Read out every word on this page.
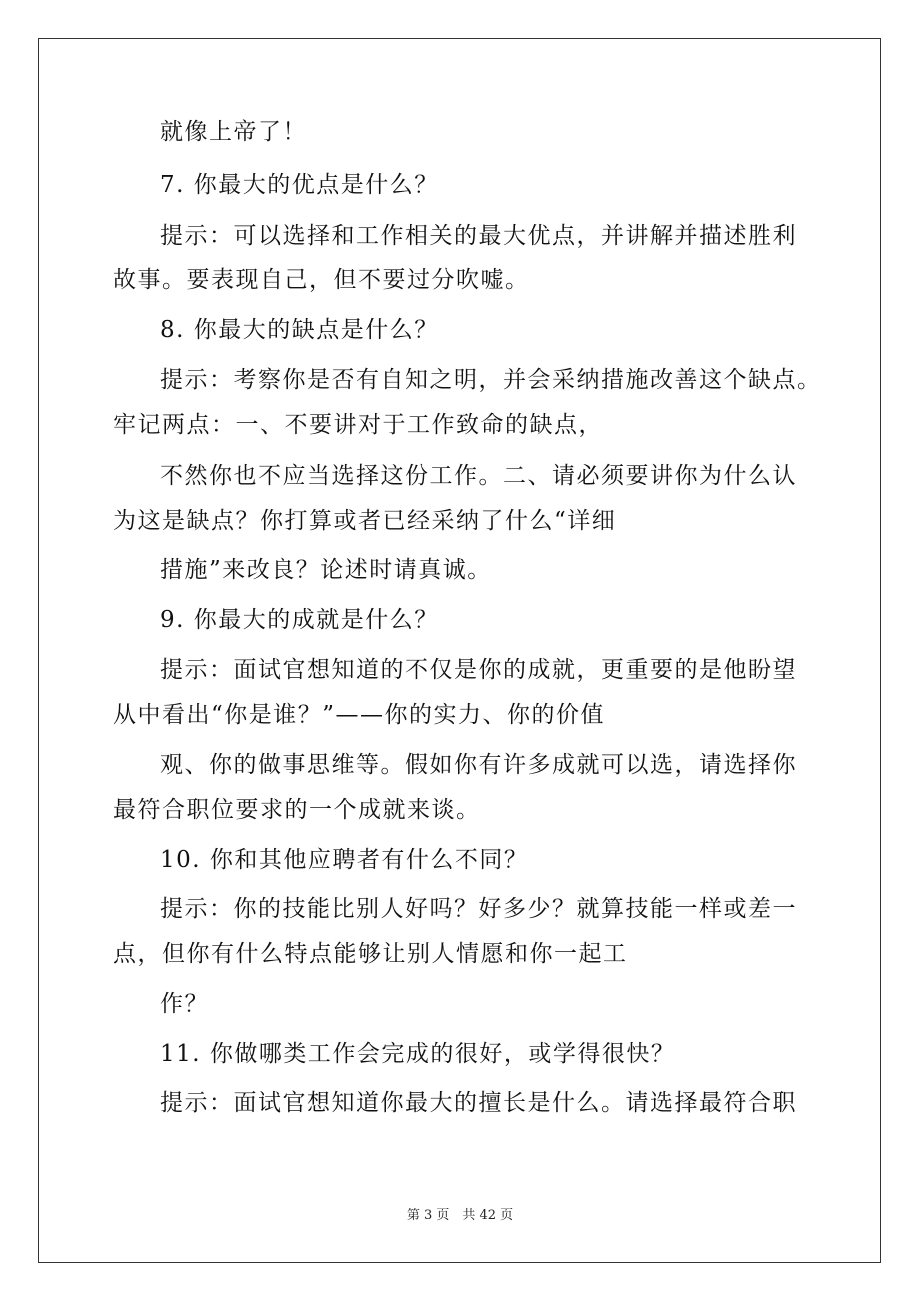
就像上帝了！
7. 你最大的优点是什么？
提示：可以选择和工作相关的最大优点，并讲解并描述胜利
故事。要表现自己，但不要过分吹嘘。
8. 你最大的缺点是什么？
提示：考察你是否有自知之明，并会采纳措施改善这个缺点。
牢记两点：一、不要讲对于工作致命的缺点，
不然你也不应当选择这份工作。二、请必须要讲你为什么认
为这是缺点？你打算或者已经采纳了什么“详细
措施”来改良？论述时请真诚。
9. 你最大的成就是什么？
提示：面试官想知道的不仅是你的成就，更重要的是他盼望
从中看出“你是谁？”——你的实力、你的价值
观、你的做事思维等。假如你有许多成就可以选，请选择你
最符合职位要求的一个成就来谈。
10. 你和其他应聘者有什么不同？
提示：你的技能比别人好吗？好多少？就算技能一样或差一
点，但你有什么特点能够让别人情愿和你一起工
作？
11. 你做哪类工作会完成的很好，或学得很快？
提示：面试官想知道你最大的擅长是什么。请选择最符合职
第 3 页　共 42 页
